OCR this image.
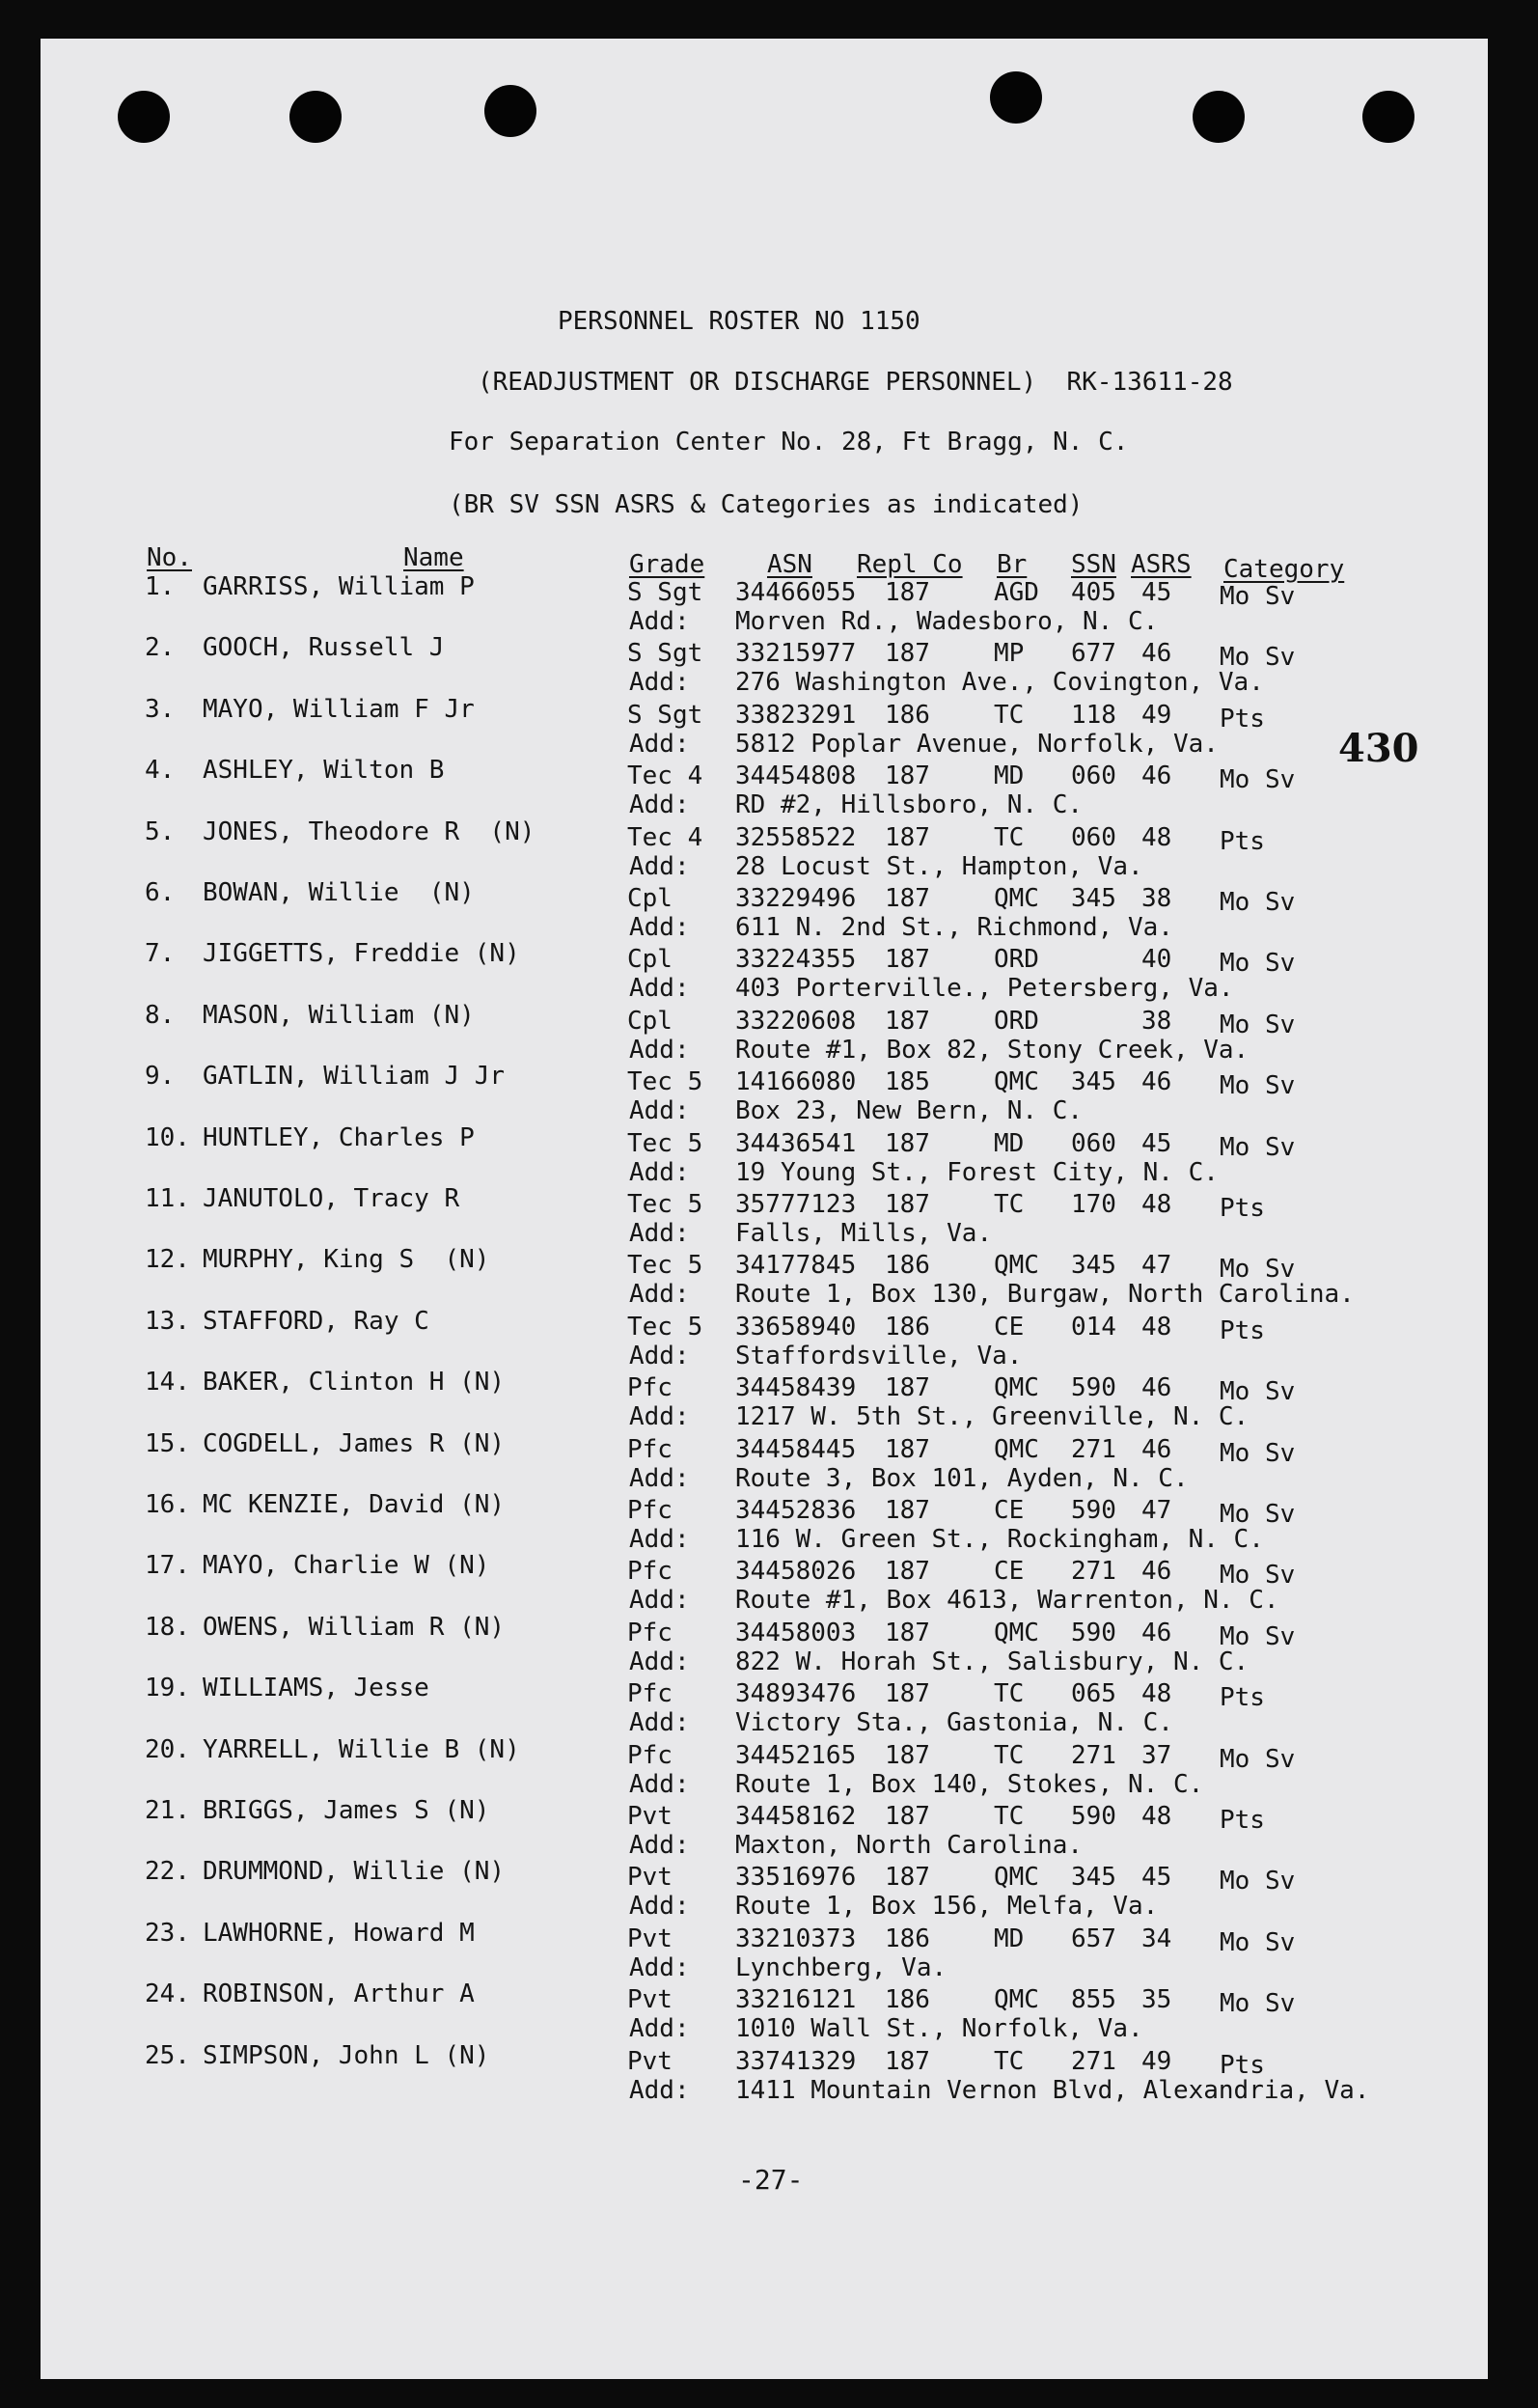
PERSONNEL ROSTER NO 1150
(READJUSTMENT OR DISCHARGE PERSONNEL)  RK-13611-28
For Separation Center No. 28, Ft Bragg, N. C.
(BR SV SSN ASRS & Categories as indicated)
No.	Name	Grade ASN Repl Co Br SSN ASRS Category
1. GARRISS, William P	S Sgt 34466055 187	AGD 405 45 Mo Sv
Add: Morven Rd., Wadesboro, N. C.
2. GOOCH, Russell J	S Sgt 33215977 187	MP 677 46 Mo Sv
Add: 276 Washington Ave., Covington, Va.
3. MAYO, William F Jr	S Sgt 33823291 186	TC 118 49 Pts
Add: 5812 Poplar Avenue, Norfolk, Va.
4. ASHLEY, Wilton B	Tec 4 34454808 187	MD 060 46 Mo Sv
Add: RD #2, Hillsboro, N. C.
5. JONES, Theodore R  (N)	Tec 4 32558522 187	TC 060 48 Pts
Add: 28 Locust St., Hampton, Va.
6. BOWAN, Willie  (N)	Cpl	33229496 187	QMC 345 38 Mo Sv
Add: 611 N. 2nd St., Richmond, Va.
7. JIGGETTS, Freddie (N)	Cpl	33224355 187	ORD	40 Mo Sv
Add: 403 Porterville., Petersberg, Va.
8. MASON, William (N)	Cpl	33220608 187	ORD	38 Mo Sv
Add: Route #1, Box 82, Stony Creek, Va.
9. GATLIN, William J Jr	Tec 5 14166080 185	QMC 345 46 Mo Sv
Add: Box 23, New Bern, N. C.
10. HUNTLEY, Charles P	Tec 5 34436541 187	MD 060 45 Mo Sv
Add: 19 Young St., Forest City, N. C.
11. JANUTOLO, Tracy R	Tec 5 35777123 187	TC 170 48 Pts
Add: Falls, Mills, Va.
12. MURPHY, King S  (N)	Tec 5 34177845 186	QMC 345 47 Mo Sv
Add: Route 1, Box 130, Burgaw, North Carolina.
13. STAFFORD, Ray C	Tec 5 33658940 186	CE 014 48 Pts
Add: Staffordsville, Va.
14. BAKER, Clinton H (N)	Pfc	34458439 187	QMC 590 46 Mo Sv
Add: 1217 W. 5th St., Greenville, N. C.
15. COGDELL, James R (N)	Pfc	34458445 187	QMC 271 46 Mo Sv
Add: Route 3, Box 101, Ayden, N. C.
16. MC KENZIE, David (N)	Pfc	34452836 187	CE 590 47 Mo Sv
Add: 116 W. Green St., Rockingham, N. C.
17. MAYO, Charlie W (N)	Pfc	34458026 187	CE 271 46 Mo Sv
Add: Route #1, Box 4613, Warrenton, N. C.
18. OWENS, William R (N)	Pfc	34458003 187	QMC 590 46 Mo Sv
Add: 822 W. Horah St., Salisbury, N. C.
19. WILLIAMS, Jesse	Pfc	34893476 187	TC 065 48 Pts
Add: Victory Sta., Gastonia, N. C.
20. YARRELL, Willie B (N)	Pfc	34452165 187	TC 271 37 Mo Sv
Add: Route 1, Box 140, Stokes, N. C.
21. BRIGGS, James S (N)	Pvt	34458162 187	TC 590 48 Pts
Add: Maxton, North Carolina.
22. DRUMMOND, Willie (N)	Pvt	33516976 187	QMC 345 45 Mo Sv
Add: Route 1, Box 156, Melfa, Va.
23. LAWHORNE, Howard M	Pvt	33210373 186	MD 657 34 Mo Sv
Add: Lynchberg, Va.
24. ROBINSON, Arthur A	Pvt	33216121 186	QMC 855 35 Mo Sv
Add: 1010 Wall St., Norfolk, Va.
25. SIMPSON, John L (N)	Pvt	33741329 187	TC 271 49 Pts
Add: 1411 Mountain Vernon Blvd, Alexandria, Va.
430
-27-
